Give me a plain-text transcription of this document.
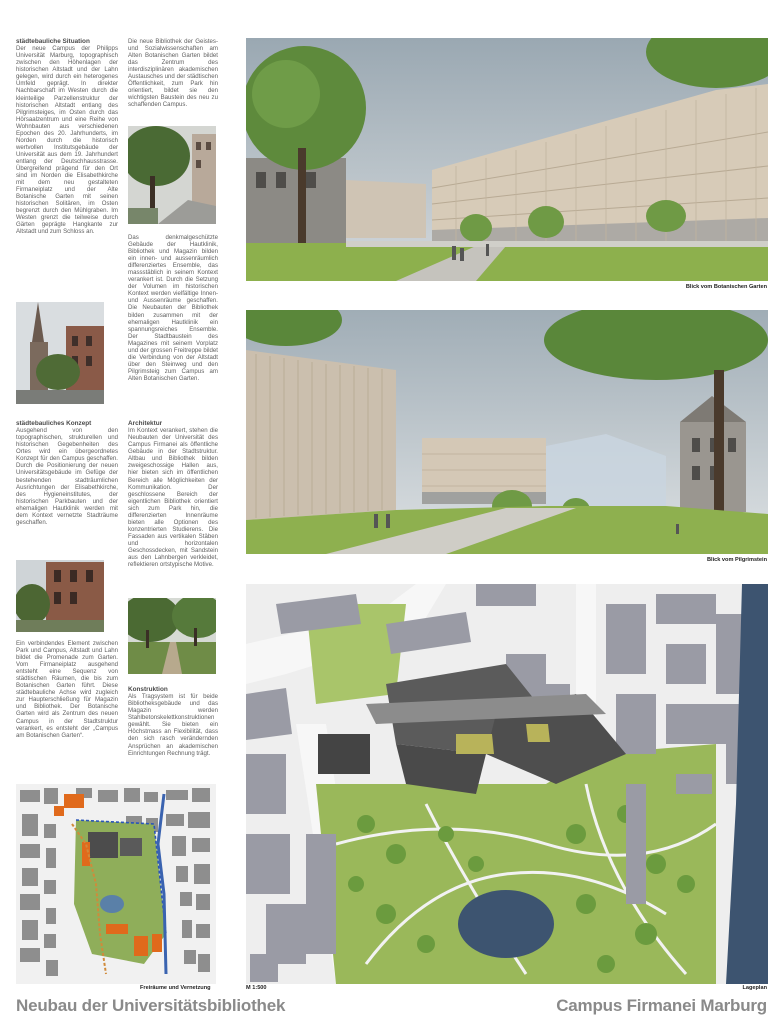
städtebauliche Situation

Der neue Campus der Philipps Universität Marburg, topographisch zwischen den Höhenlagen der historischen Altstadt und der Lahn gelegen, wird durch ein heterogenes Umfeld geprägt. In direkter Nachbarschaft im Westen durch die kleinteilige Parzellenstruktur der historischen Altstadt entlang des Pilgrimsteiges, im Osten durch das Hörsaalzentrum und eine Reihe von Wohnbauten aus verschiedenen Epochen des 20. Jahrhunderts, im Norden durch die historisch wertvollen Institutsgebäude der Universität aus dem 19. Jahrhundert entlang der Deutschhausstrasse. Übergreifend prägend für den Ort sind im Norden die Elisabethkirche mit dem neu gestalteten Firmaneiplatz und der Alte Botanische Garten mit seinen historischen Solitären, im Osten begrenzt durch den Mühlgraben. Im Westen grenzt die teilweise durch Gärten geprägte Hangkante zur Altstadt und zum Schloss an.

städtebauliches Konzept

Ausgehend von den topographischen, strukturellen und historischen Gegebenheiten des Ortes wird ein übergeordnetes Konzept für den Campus geschaffen. Durch die Positionierung der neuen Universitätsgebäude im Gefüge der bestehenden stadträumlichen Ausrichtungen der Elisabethkirche, des Hygieneinstitutes, der historischen Parkbauten und der ehemaligen Hautklinik werden mit dem Kontext vernetzte Stadträume geschaffen.

Ein verbindendes Element zwischen Park und Campus, Altstadt und Lahn bildet die Promenade zum Garten. Vom Firmaneiplatz ausgehend entsteht eine Sequenz von städtischen Räumen, die bis zum Botanischen Garten führt. Diese städtebauliche Achse wird zugleich zur Haupterschließung für Magazin und Bibliothek. Der Botanische Garten wird als Zentrum des neuen Campus in der Stadtstruktur verankert, es entsteht der „Campus am Botanischen Garten“.

Die neue Bibliothek der Geistes- und Sozialwissenschaften am Alten Botanischen Garten bildet das Zentrum des interdisziplinären akademischen Austausches und der städtischen Öffentlichkeit, zum Park hin orientiert, bildet sie den wichtigsten Baustein des neu zu schaffenden Campus.

Das denkmalgeschützte Gebäude der Hautklinik, Bibliothek und Magazin bilden ein innen- und aussenräumlich differenziertes Ensemble, das massstäblich in seinem Kontext verankert ist. Durch die Setzung der Volumen im historischen Kontext werden vielfältige Innen- und Aussenräume geschaffen. Die Neubauten der Bibliothek bilden zusammen mit der ehemaligen Hautklinik ein spannungsreiches Ensemble. Der Stadtbaustein des Magazines mit seinem Vorplatz und der grossen Freitreppe bildet die Verbindung von der Altstadt über den Steinweg und den Pilgrimsteig zum Campus am Alten Botanischen Garten.

Architektur

Im Kontext verankert, stehen die Neubauten der Universität des Campus Firmanei als öffentliche Gebäude in der Stadtstruktur. Altbau und Bibliothek bilden zweigeschossige Hallen aus, hier bieten sich im öffentlichen Bereich alle Möglichkeiten der Kommunikation. Der geschlossene Bereich der eigentlichen Bibliothek orientiert sich zum Park hin, die differenzierten Innenräume bieten alle Optionen des konzentrierten Studierens. Die Fassaden aus vertikalen Stäben und horizontalen Geschossdecken, mit Sandstein aus den Lahnbergen verkleidet, reflektieren ortstypische Motive.

Konstruktion

Als Tragsystem ist für beide Bibliotheksgebäude und das Magazin werden Stahlbetonskelettkonstruktionen gewählt. Sie bieten ein Höchstmass an Flexibilität, dass den sich rasch verändernden Ansprüchen an akademischen Einrichtungen Rechnung trägt.

Freiräume und Vernetzung
Blick vom Botanischen Garten
Blick vom Pilgrimstein
M 1:500	Lageplan
Neubau der Universitätsbibliothek	Campus Firmanei Marburg
